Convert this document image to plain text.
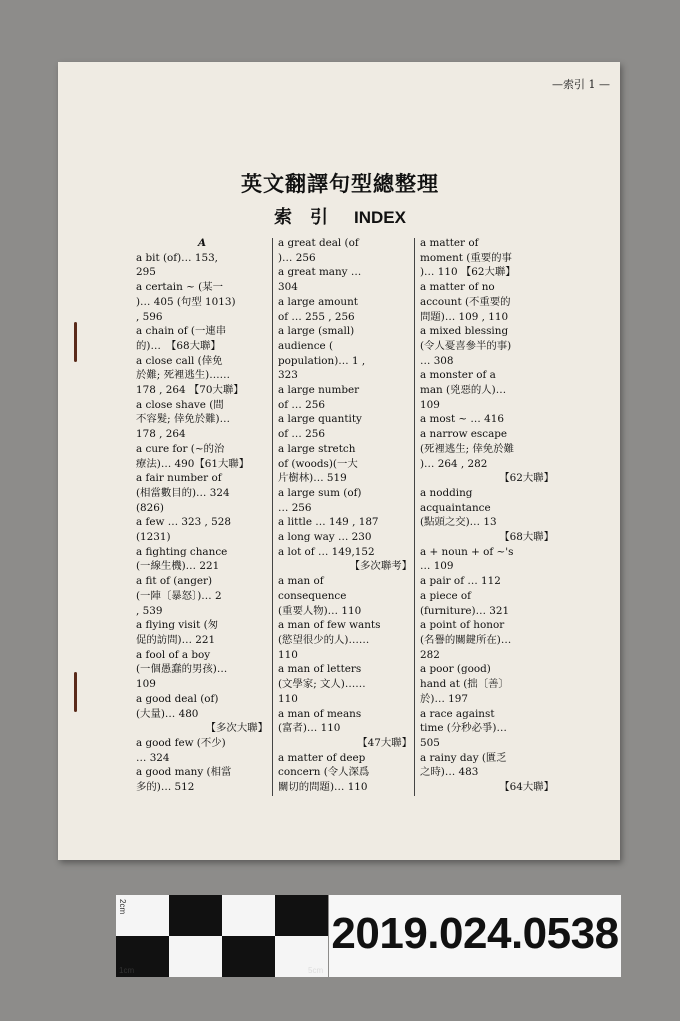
—索引 1 —
英文翻譯句型總整理
索　引 INDEX
A
a bit (of)… 153,
295
a certain ~ (某一
)… 405 (句型 1013)
, 596
a chain of (一連串
的)…　【68大聯】
a close call (倖免
於難; 死裡逃生)……
178 , 264 【70大聯】
a close shave (間
不容髮; 倖免於難)…
178 , 264
a cure for (~的治
療法)… 490【61大聯】
a fair number of
(相當數目的)… 324
(826)
a few … 323 , 528
(1231)
a fighting chance
(一線生機)… 221
a fit of (anger)
(一陣〔暴怒〕)… 2
, 539
a flying visit (匆
促的訪問)… 221
a fool of a boy
(一個愚蠢的男孩)…
109
a good deal (of)
(大量)… 480
【多次大聯】
a good few (不少)
… 324
a good many (相當
多的)… 512
a great deal (of
)… 256
a great many …
304
a large amount
of … 255 , 256
a large (small)
audience (
population)… 1 ,
323
a large number
of … 256
a large quantity
of … 256
a large stretch
of (woods)(一大
片樹林)… 519
a large sum (of)
… 256
a little … 149 , 187
a long way … 230
a lot of … 149,152
【多次聯考】
a man of
consequence
(重要人物)… 110
a man of few wants
(慾望很少的人)……
110
a man of letters
(文學家; 文人)……
110
a man of means
(富者)… 110
【47大聯】
a matter of deep
concern (令人深爲
關切的問題)… 110
a matter of
moment (重要的事
)… 110 【62大聯】
a matter of no
account (不重要的
問題)… 109 , 110
a mixed blessing
(令人憂喜參半的事)
… 308
a monster of a
man (兇惡的人)…
109
a most ~ … 416
a narrow escape
(死裡逃生; 倖免於難
)… 264 , 282
【62大聯】
a nodding
acquaintance
(點頭之交)… 13
【68大聯】
a + noun + of ~'s
… 109
a pair of … 112
a piece of
(furniture)… 321
a point of honor
(名譽的關鍵所在)…
282
a poor (good)
hand at (拙〔善〕
於)… 197
a race against
time (分秒必爭)…
505
a rainy day (匱乏
之時)… 483
【64大聯】
2cm
1cm	5cm
2019.024.0538
